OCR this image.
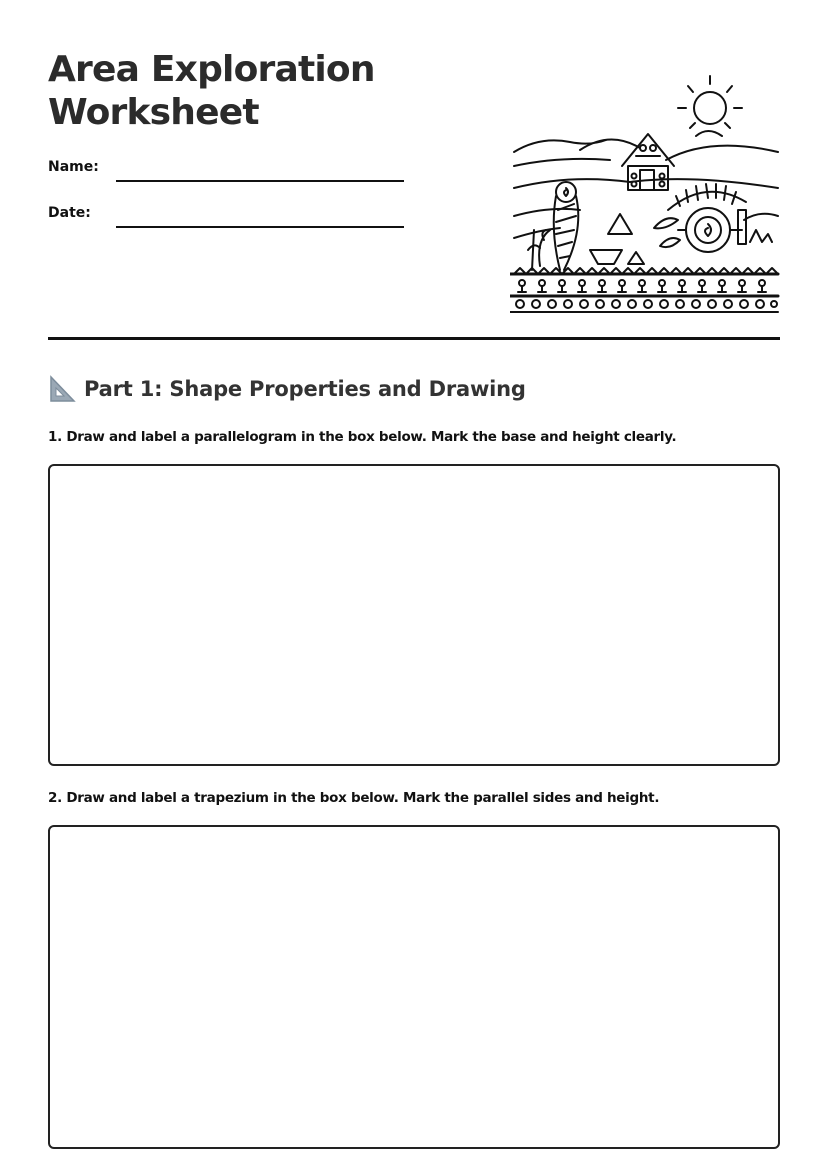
Area Exploration
Worksheet
Name:
Date:
Part 1: Shape Properties and Drawing
1. Draw and label a parallelogram in the box below. Mark the base and height clearly.
2. Draw and label a trapezium in the box below. Mark the parallel sides and height.
